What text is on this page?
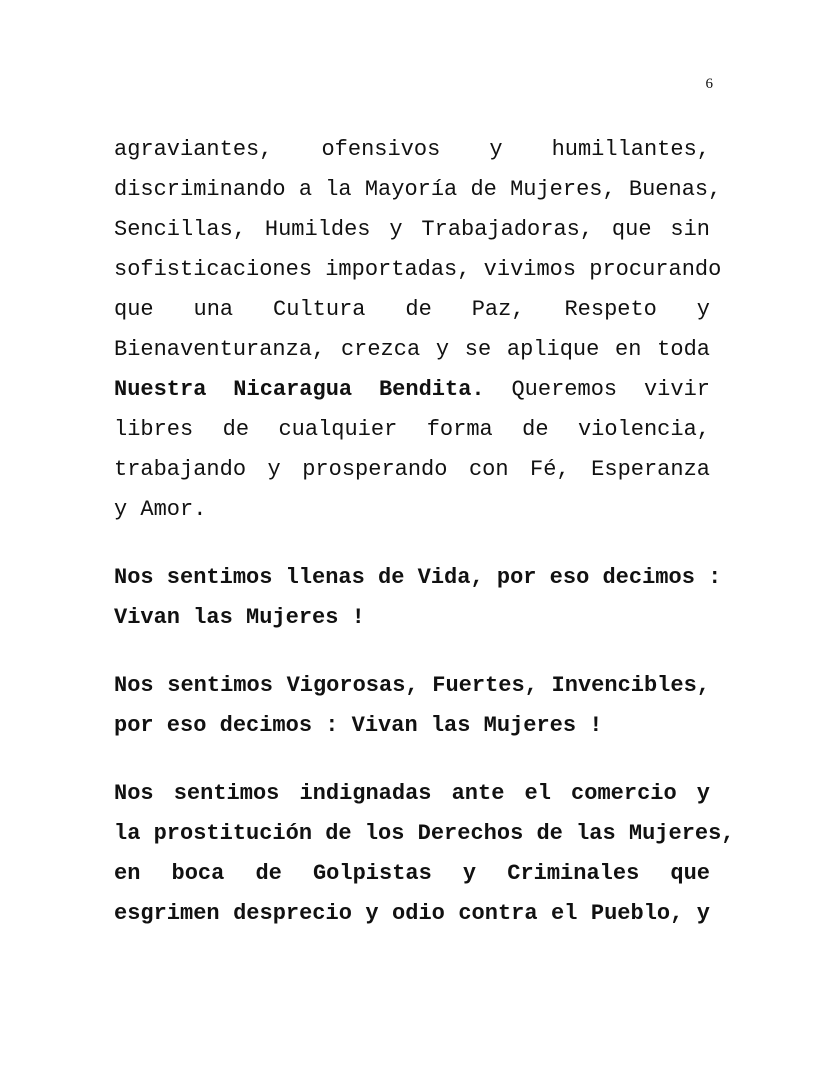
6
agraviantes, ofensivos y humillantes,
discriminando a la Mayoría de Mujeres, Buenas,
Sencillas, Humildes y Trabajadoras, que sin
sofisticaciones importadas, vivimos procurando
que una Cultura de Paz, Respeto y
Bienaventuranza, crezca y se aplique en toda
Nuestra Nicaragua Bendita. Queremos vivir
libres de cualquier forma de violencia,
trabajando y prosperando con Fé, Esperanza
y Amor.
Nos sentimos llenas de Vida, por eso decimos :
Vivan las Mujeres !
Nos sentimos Vigorosas, Fuertes, Invencibles,
por eso decimos : Vivan las Mujeres !
Nos sentimos indignadas ante el comercio y
la prostitución de los Derechos de las Mujeres,
en boca de Golpistas y Criminales que
esgrimen desprecio y odio contra el Pueblo, y
